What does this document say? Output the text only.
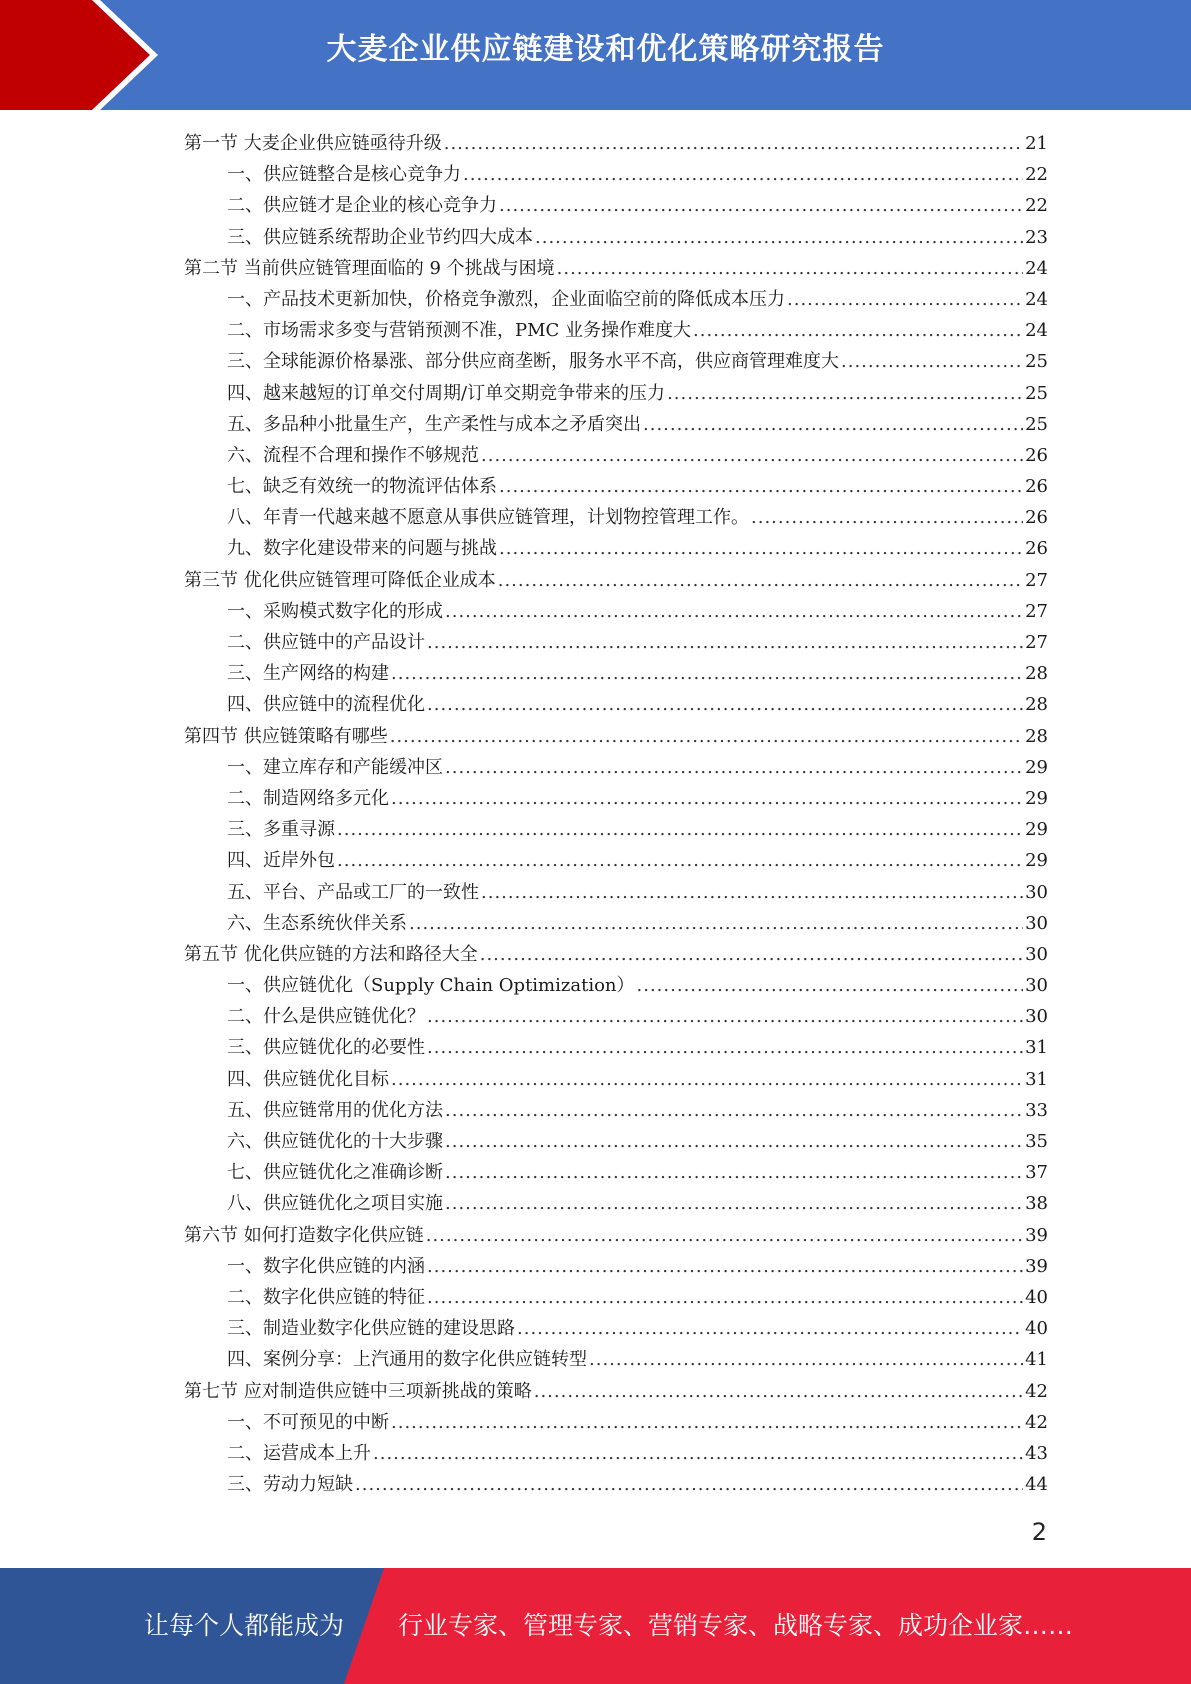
大麦企业供应链建设和优化策略研究报告
第一节 大麦企业供应链亟待升级 .....	21
一、供应链整合是核心竞争力 .....	22
二、供应链才是企业的核心竞争力 .....	22
三、供应链系统帮助企业节约四大成本 .....	23
第二节 当前供应链管理面临的 9 个挑战与困境 .....	24
一、产品技术更新加快，价格竞争激烈，企业面临空前的降低成本压力 .....	24
二、市场需求多变与营销预测不准，PMC 业务操作难度大 .....	24
三、全球能源价格暴涨、部分供应商垄断，服务水平不高，供应商管理难度大 .....	25
四、越来越短的订单交付周期/订单交期竞争带来的压力 .....	25
五、多品种小批量生产，生产柔性与成本之矛盾突出 .....	25
六、流程不合理和操作不够规范 .....	26
七、缺乏有效统一的物流评估体系 .....	26
八、年青一代越来越不愿意从事供应链管理，计划物控管理工作。 .....	26
九、数字化建设带来的问题与挑战 .....	26
第三节 优化供应链管理可降低企业成本 .....	27
一、采购模式数字化的形成 .....	27
二、供应链中的产品设计 .....	27
三、生产网络的构建 .....	28
四、供应链中的流程优化 .....	28
第四节 供应链策略有哪些 .....	28
一、建立库存和产能缓冲区 .....	29
二、制造网络多元化 .....	29
三、多重寻源 .....	29
四、近岸外包 .....	29
五、平台、产品或工厂的一致性 .....	30
六、生态系统伙伴关系 .....	30
第五节 优化供应链的方法和路径大全 .....	30
一、供应链优化（Supply Chain Optimization） .....	30
二、什么是供应链优化？ .....	30
三、供应链优化的必要性 .....	31
四、供应链优化目标 .....	31
五、供应链常用的优化方法 .....	33
六、供应链优化的十大步骤 .....	35
七、供应链优化之准确诊断 .....	37
八、供应链优化之项目实施 .....	38
第六节 如何打造数字化供应链 .....	39
一、数字化供应链的内涵 .....	39
二、数字化供应链的特征 .....	40
三、制造业数字化供应链的建设思路 .....	40
四、案例分享：上汽通用的数字化供应链转型 .....	41
第七节 应对制造供应链中三项新挑战的策略 .....	42
一、不可预见的中断 .....	42
二、运营成本上升 .....	43
三、劳动力短缺 .....	44
2
让每个人都能成为 行业专家、管理专家、营销专家、战略专家、成功企业家……
